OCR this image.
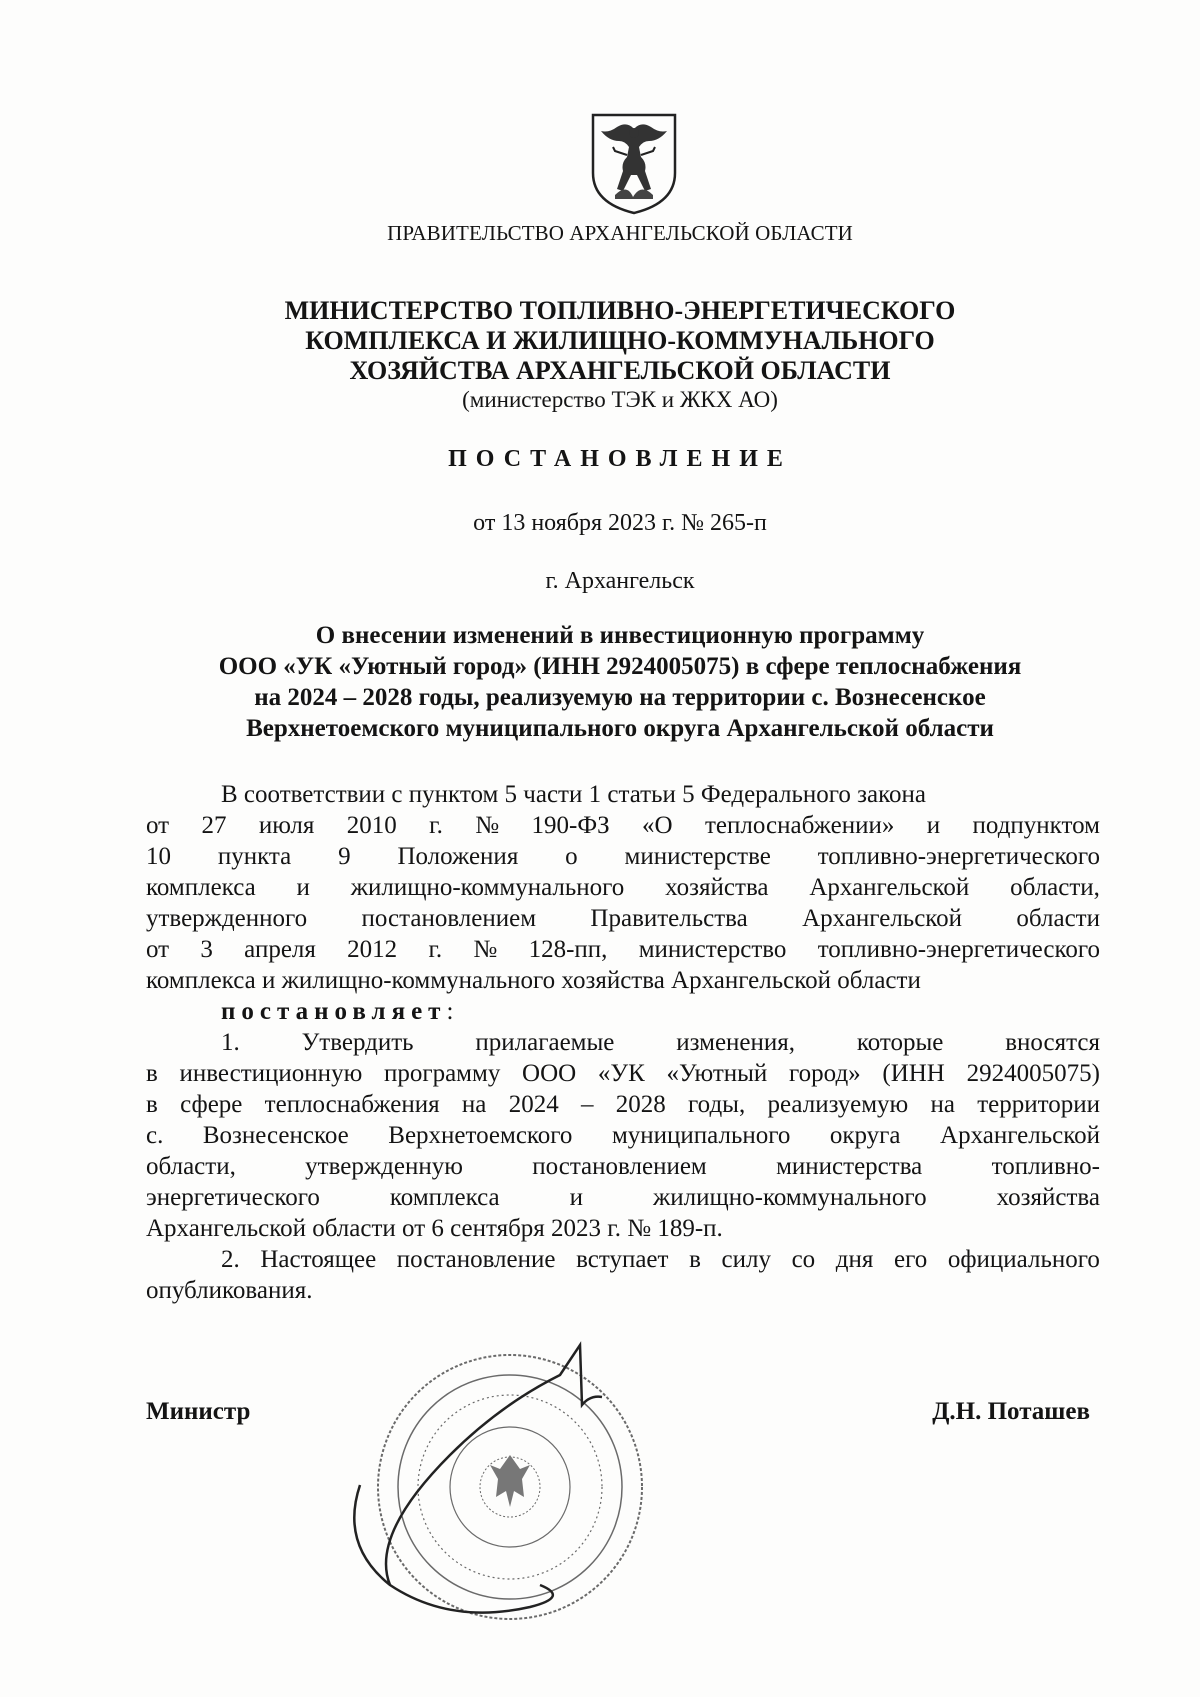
ПРАВИТЕЛЬСТВО АРХАНГЕЛЬСКОЙ ОБЛАСТИ
МИНИСТЕРСТВО ТОПЛИВНО-ЭНЕРГЕТИЧЕСКОГО
КОМПЛЕКСА И ЖИЛИЩНО-КОММУНАЛЬНОГО
ХОЗЯЙСТВА АРХАНГЕЛЬСКОЙ ОБЛАСТИ
(министерство ТЭК и ЖКХ АО)
ПОСТАНОВЛЕНИЕ
от 13 ноября 2023 г. № 265-п
г. Архангельск
О внесении изменений в инвестиционную программу
ООО «УК «Уютный город» (ИНН 2924005075) в сфере теплоснабжения
на 2024 – 2028 годы, реализуемую на территории с. Вознесенское
Верхнетоемского муниципального округа Архангельской области
В соответствии с пунктом 5 части 1 статьи 5 Федерального закона
от 27 июля 2010 г. № 190-ФЗ «О теплоснабжении» и подпунктом
10 пункта 9 Положения о министерстве топливно-энергетического
комплекса и жилищно-коммунального хозяйства Архангельской области,
утвержденного постановлением Правительства Архангельской области
от 3 апреля 2012 г. № 128-пп, министерство топливно-энергетического
комплекса и жилищно-коммунального хозяйства Архангельской области
постановляет:
1. Утвердить прилагаемые изменения, которые вносятся
в инвестиционную программу ООО «УК «Уютный город» (ИНН 2924005075)
в сфере теплоснабжения на 2024 – 2028 годы, реализуемую на территории
с. Вознесенское Верхнетоемского муниципального округа Архангельской
области,	утвержденную	постановлением	министерства	топливно-
энергетического	комплекса	и	жилищно-коммунального	хозяйства
Архангельской области от 6 сентября 2023 г. № 189-п.
2. Настоящее постановление вступает в силу со дня его официального
опубликования.
Министр	Д.Н. Поташев
